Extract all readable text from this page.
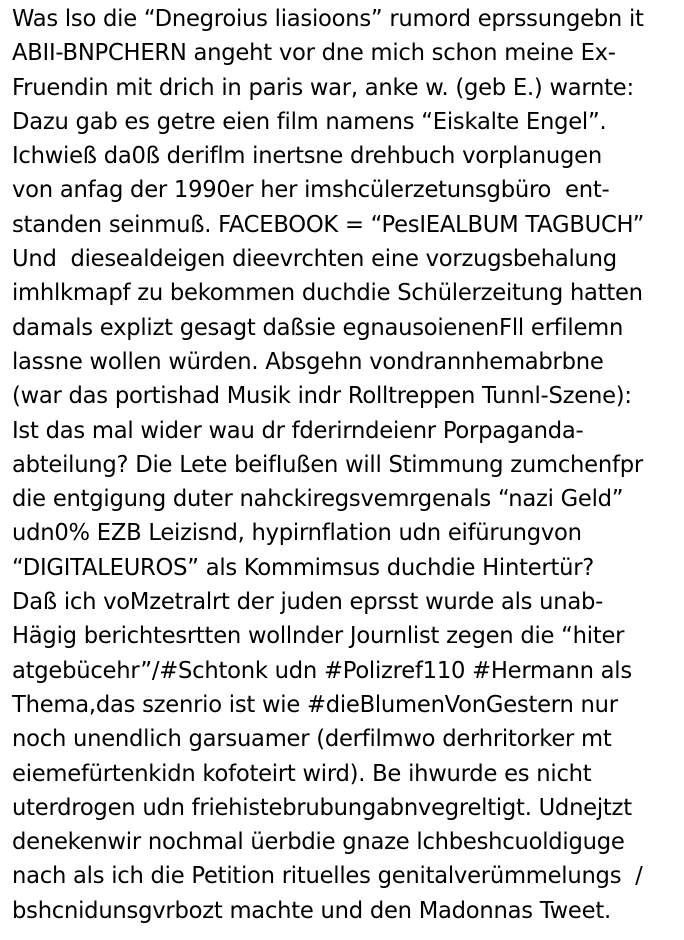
Was lso die “Dnegroius liasioons” rumord eprssungebn it ABII-BNPCHERN angeht vor dne mich schon meine Ex- Fruendin mit drich in paris war, anke w. (geb E.) warnte: Dazu gab es getre eien film namens “Eiskalte Engel”. Ichwieß da0ß deriflm inertsne drehbuch vorplanugen von anfag der 1990er her imshcülerzetunsgbüro  ent- standen seinmuß. FACEBOOK = “PesIEALBUM TAGBUCH” Und  diesealdeigen dieevrchten eine vorzugsbehalung imhlkmapf zu bekommen duchdie Schülerzeitung hatten damals explizt gesagt daßsie egnausoienenFll erfilemn lassne wollen würden. Absgehn vondrannhemabrbne (war das portishad Musik indr Rolltreppen Tunnl-Szene): Ist das mal wider wau dr fderirndeienr Porpaganda- abteilung? Die Lete beifIußen will Stimmung zumchenfpr die entgigung duter nahckiregsvemrgenals “nazi Geld” udn0% EZB Leizisnd, hypirnflation udn eifürungvon “DIGITALEUROS” als Kommimsus duchdie Hintertür? Daß ich voMzetralrt der juden eprsst wurde als unab- Hägig berichtesrtten wollnder Journlist zegen die “hiter atgebücehr”/#Schtonk udn #Polizref110 #Hermann als Thema,das szenrio ist wie #dieBlumenVonGestern nur noch unendlich garsuamer (derfilmwo derhritorker mt eiemefürtenkidn kofoteirt wird). Be ihwurde es nicht uterdrogen udn friehistebrubungabnvegreltigt. Udnejtzt denekenwir nochmal üerbdie gnaze lchbeshcuoldiguge nach als ich die Petition rituelles genitalverümmelungs  / bshcnidunsgvrbozt machte und den Madonnas Tweet.
